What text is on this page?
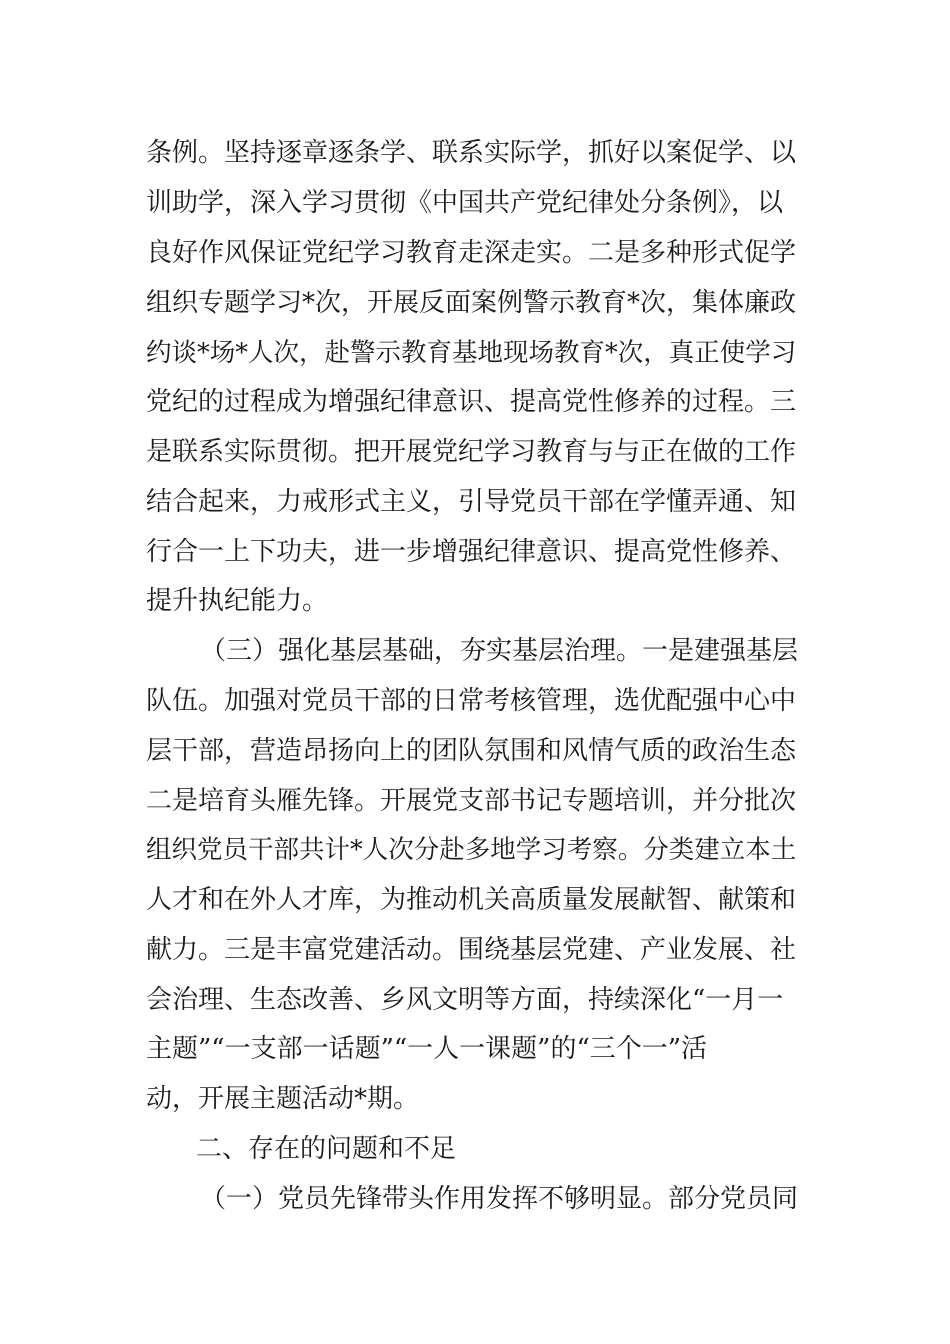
条例。坚持逐章逐条学、联系实际学，抓好以案促学、以
训助学，深入学习贯彻《中国共产党纪律处分条例》，以
良好作风保证党纪学习教育走深走实。二是多种形式促学
组织专题学习*次，开展反面案例警示教育*次，集体廉政
约谈*场*人次，赴警示教育基地现场教育*次，真正使学习
党纪的过程成为增强纪律意识、提高党性修养的过程。三
是联系实际贯彻。把开展党纪学习教育与与正在做的工作
结合起来，力戒形式主义，引导党员干部在学懂弄通、知
行合一上下功夫，进一步增强纪律意识、提高党性修养、
提升执纪能力。
（三）强化基层基础，夯实基层治理。一是建强基层
队伍。加强对党员干部的日常考核管理，选优配强中心中
层干部，营造昂扬向上的团队氛围和风情气质的政治生态
二是培育头雁先锋。开展党支部书记专题培训，并分批次
组织党员干部共计*人次分赴多地学习考察。分类建立本土
人才和在外人才库，为推动机关高质量发展献智、献策和
献力。三是丰富党建活动。围绕基层党建、产业发展、社
会治理、生态改善、乡风文明等方面，持续深化“一月一
主题”“一支部一话题”“一人一课题”的“三个一”活
动，开展主题活动*期。
二、存在的问题和不足
（一）党员先锋带头作用发挥不够明显。部分党员同
